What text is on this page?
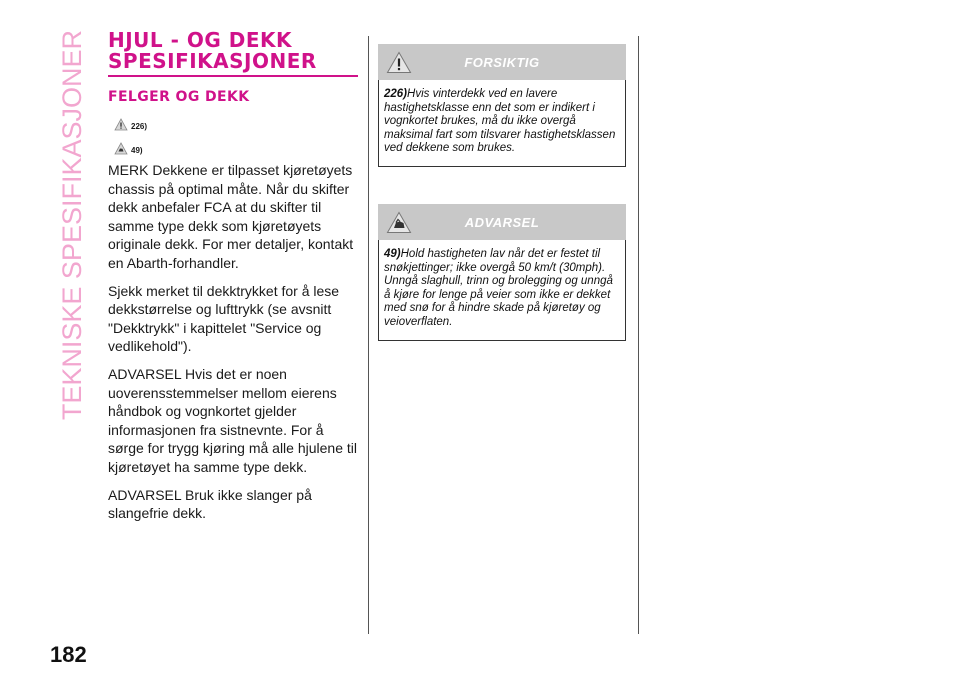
TEKNISKE SPESIFIKASJONER
182
HJUL - OG DEKK SPESIFIKASJONER
FELGER OG DEKK
226)
49)

MERK Dekkene er tilpasset kjøretøyets chassis på optimal måte. Når du skifter dekk anbefaler FCA at du skifter til samme type dekk som kjøretøyets originale dekk. For mer detaljer, kontakt en Abarth-forhandler.

Sjekk merket til dekktrykket for å lese dekkstørrelse og lufttrykk (se avsnitt "Dekktrykk" i kapittelet "Service og vedlikehold").

ADVARSEL Hvis det er noen uoverensstemmelser mellom eierens håndbok og vognkortet gjelder informasjonen fra sistnevnte. For å sørge for trygg kjøring må alle hjulene til kjøretøyet ha samme type dekk.

ADVARSEL Bruk ikke slanger på slangefrie dekk.

FORSIKTIG
226)Hvis vinterdekk ved en lavere hastighetsklasse enn det som er indikert i vognkortet brukes, må du ikke overgå maksimal fart som tilsvarer hastighetsklassen ved dekkene som brukes.
ADVARSEL
49)Hold hastigheten lav når det er festet til snøkjettinger; ikke overgå 50 km/t (30mph). Unngå slaghull, trinn og brolegging og unngå å kjøre for lenge på veier som ikke er dekket med snø for å hindre skade på kjøretøy og veioverflaten.
